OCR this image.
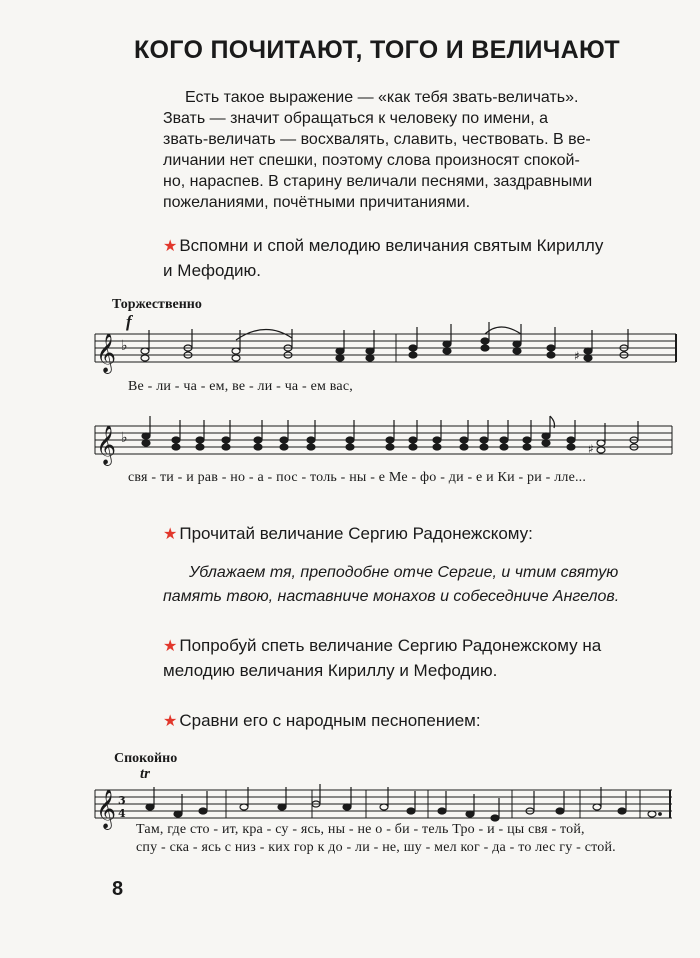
КОГО ПОЧИТАЮТ, ТОГО И ВЕЛИЧАЮТ
Есть такое выражение — «как тебя звать-величать».
Звать — значит обращаться к человеку по имени, а
звать-величать — восхвалять, славить, чествовать. В ве-
личании нет спешки, поэтому слова произносят спокой-
но, нараспев. В старину величали песнями, заздравными
пожеланиями, почётными причитаниями.
★ Вспомни и спой мелодию величания святым Кириллу
и Мефодию.
Торжественно
f
𝄞 ♭
♯
Ве - ли - ча - ем, ве - ли - ча - ем вас,
𝄞 ♭
♯
свя - ти - и рав - но - а - пос - толь - ны - е Ме - фо - ди - е и Ки - ри - лле...
★ Прочитай величание Сергию Радонежскому:
Ублажаем тя, преподобне отче Сергие, и чтим святую
память твою, наставниче монахов и собеседниче Ангелов.
★ Попробуй спеть величание Сергию Радонежскому на
мелодию величания Кириллу и Мефодию.
★ Сравни его с народным песнопением:
Спокойно
tr
𝄞 3
4
Там, где сто - ит, кра - су - ясь, ны - не о - би - тель Тро - и - цы свя - той,
спу - ска - ясь с низ - ких гор к до - ли - не, шу - мел ког - да - то лес гу - стой.
8
